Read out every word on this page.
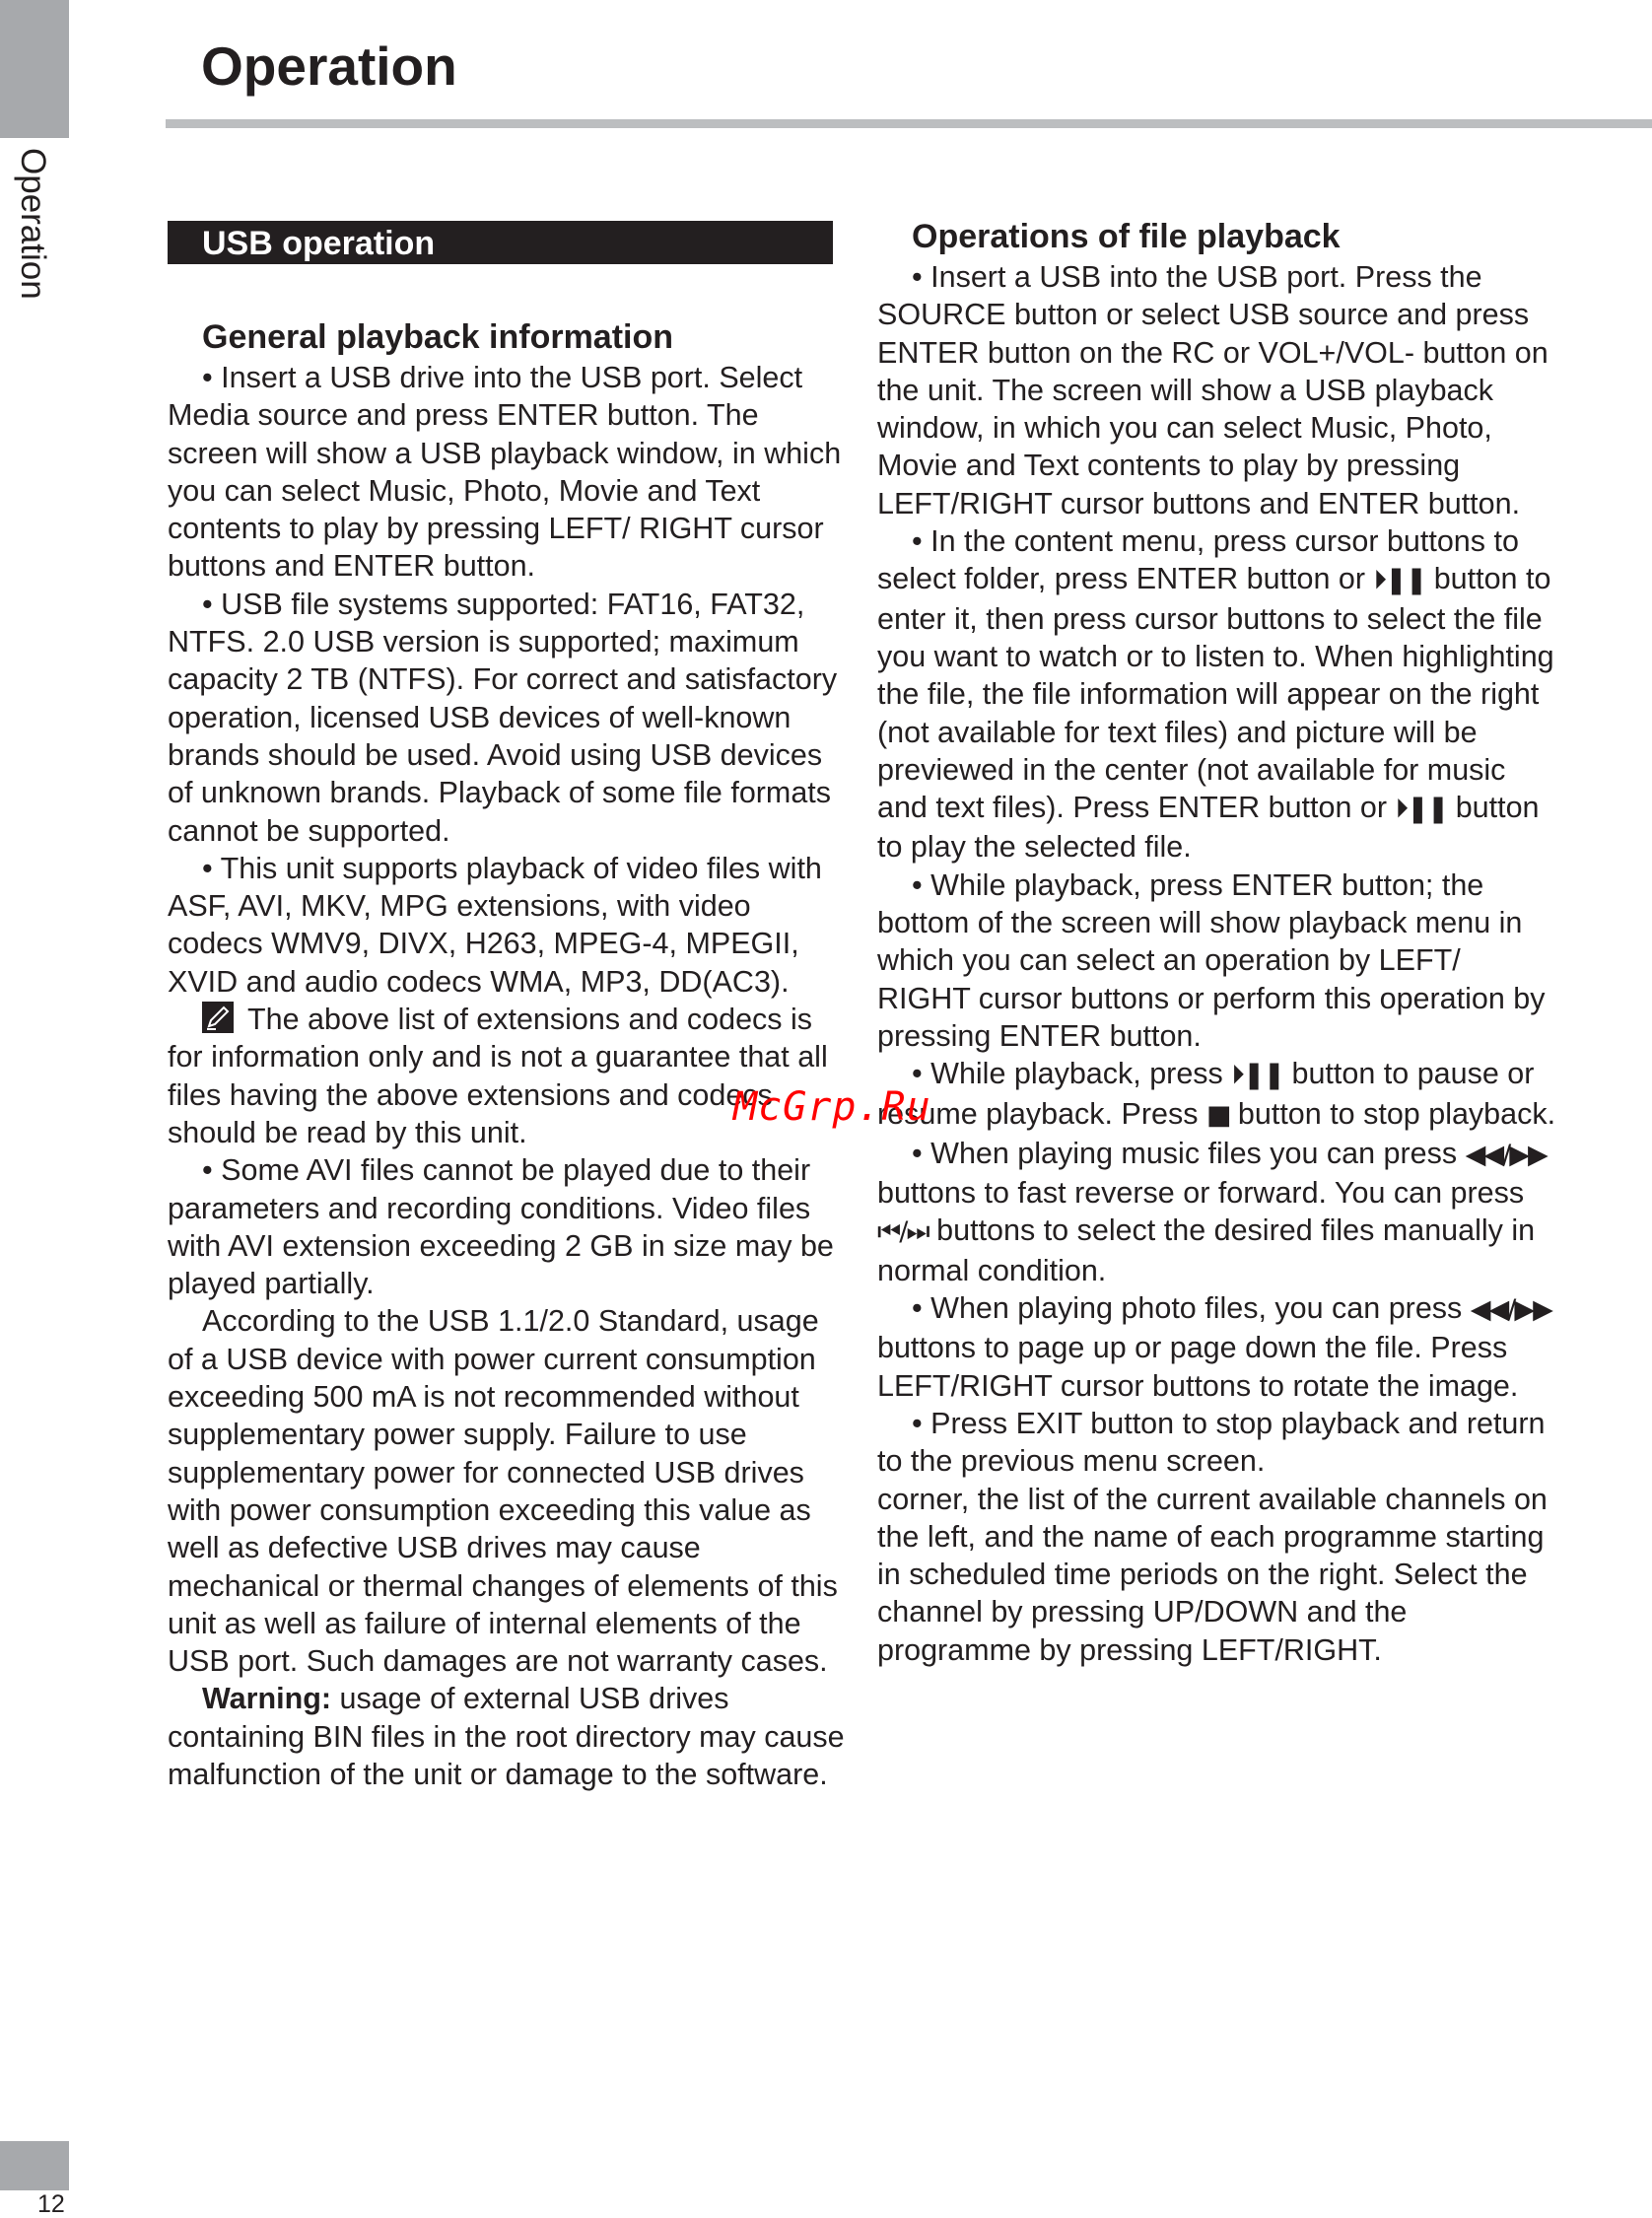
Operation
12
Operation
USB operation
General playback information

• Insert a USB drive into the USB port. Select Media source and press ENTER button. The screen will show a USB playback window, in which you can select Music, Photo, Movie and Text contents to play by pressing LEFT/ RIGHT cursor buttons and ENTER button.

• USB file systems supported: FAT16, FAT32, NTFS. 2.0 USB version is supported; maximum capacity 2 TB (NTFS). For correct and satisfactory operation, licensed USB devices of well-known brands should be used. Avoid using USB devices of unknown brands. Playback of some file formats cannot be supported.

• This unit supports playback of video files with ASF, AVI, MKV, MPG extensions, with video codecs WMV9, DIVX, H263, MPEG-4, MPEGII, XVID and audio codecs WMA, MP3, DD(AC3).

The above list of extensions and codecs is for information only and is not a guarantee that all files having the above extensions and codecs should be read by this unit.

• Some AVI files cannot be played due to their parameters and recording conditions. Video files with AVI extension exceeding 2 GB in size may be played partially.

According to the USB 1.1/2.0 Standard, usage of a USB device with power current consumption exceeding 500 mA is not recommended without supplementary power supply. Failure to use supplementary power for connected USB drives with power consumption exceeding this value as well as defective USB drives may cause mechanical or thermal changes of elements of this unit as well as failure of internal elements of the USB port. Such damages are not warranty cases.

Warning: usage of external USB drives containing BIN files in the root directory may cause malfunction of the unit or damage to the software.

Operations of file playback

• Insert a USB into the USB port. Press the SOURCE button or select USB source and press ENTER button on the RC or VOL+/VOL- button on the unit. The screen will show a USB playback window, in which you can select Music, Photo, Movie and Text contents to play by pressing LEFT/RIGHT cursor buttons and ENTER button.

• In the content menu, press cursor buttons to select folder, press ENTER button or ⏵❚❚ button to enter it, then press cursor buttons to select the file you want to watch or to listen to. When highlighting the file, the file information will appear on the right (not available for text files) and picture will be previewed in the center (not available for music and text files). Press ENTER button or ⏵❚❚ button to play the selected file.

• While playback, press ENTER button; the bottom of the screen will show playback menu in which you can select an operation by LEFT/ RIGHT cursor buttons or perform this operation by pressing ENTER button.

• While playback, press ⏵❚❚ button to pause or resume playback. Press ■ button to stop playback.

• When playing music files you can press ◀◀/▶▶ buttons to fast reverse or forward. You can press ⏮/⏭ buttons to select the desired files manually in normal condition.

• When playing photo files, you can press ◀◀/▶▶ buttons to page up or page down the file. Press LEFT/RIGHT cursor buttons to rotate the image.

• Press EXIT button to stop playback and return to the previous menu screen.

corner, the list of the current available channels on the left, and the name of each programme starting in scheduled time periods on the right. Select the channel by pressing UP/DOWN and the programme by pressing LEFT/RIGHT.

McGrp.Ru
